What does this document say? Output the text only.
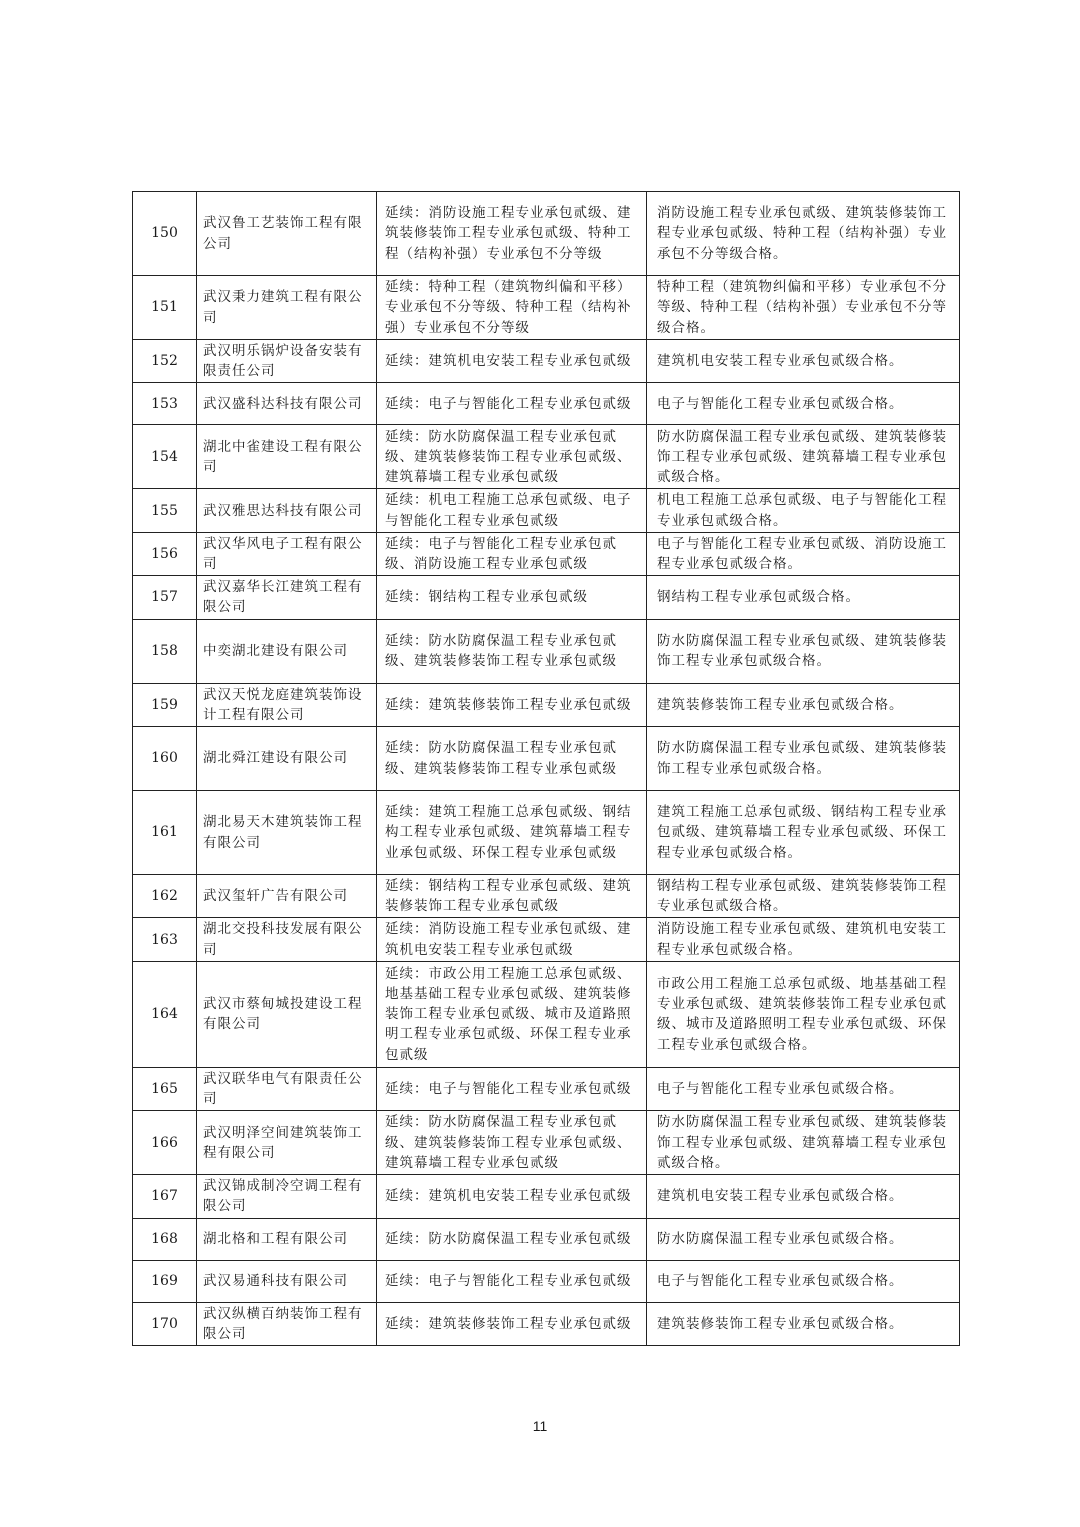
150	武汉鲁工艺装饰工程有限公司	延续：消防设施工程专业承包贰级、建筑装修装饰工程专业承包贰级、特种工程（结构补强）专业承包不分等级	消防设施工程专业承包贰级、建筑装修装饰工程专业承包贰级、特种工程（结构补强）专业承包不分等级合格。
151	武汉秉力建筑工程有限公司	延续：特种工程（建筑物纠偏和平移）专业承包不分等级、特种工程（结构补强）专业承包不分等级	特种工程（建筑物纠偏和平移）专业承包不分等级、特种工程（结构补强）专业承包不分等级合格。
152	武汉明乐锅炉设备安装有限责任公司	延续：建筑机电安装工程专业承包贰级	建筑机电安装工程专业承包贰级合格。
153	武汉盛科达科技有限公司	延续：电子与智能化工程专业承包贰级	电子与智能化工程专业承包贰级合格。
154	湖北中雀建设工程有限公司	延续：防水防腐保温工程专业承包贰级、建筑装修装饰工程专业承包贰级、建筑幕墙工程专业承包贰级	防水防腐保温工程专业承包贰级、建筑装修装饰工程专业承包贰级、建筑幕墙工程专业承包贰级合格。
155	武汉雅思达科技有限公司	延续：机电工程施工总承包贰级、电子与智能化工程专业承包贰级	机电工程施工总承包贰级、电子与智能化工程专业承包贰级合格。
156	武汉华风电子工程有限公司	延续：电子与智能化工程专业承包贰级、消防设施工程专业承包贰级	电子与智能化工程专业承包贰级、消防设施工程专业承包贰级合格。
157	武汉嘉华长江建筑工程有限公司	延续：钢结构工程专业承包贰级	钢结构工程专业承包贰级合格。
158	中奕湖北建设有限公司	延续：防水防腐保温工程专业承包贰级、建筑装修装饰工程专业承包贰级	防水防腐保温工程专业承包贰级、建筑装修装饰工程专业承包贰级合格。
159	武汉天悦龙庭建筑装饰设计工程有限公司	延续：建筑装修装饰工程专业承包贰级	建筑装修装饰工程专业承包贰级合格。
160	湖北舜江建设有限公司	延续：防水防腐保温工程专业承包贰级、建筑装修装饰工程专业承包贰级	防水防腐保温工程专业承包贰级、建筑装修装饰工程专业承包贰级合格。
161	湖北易天木建筑装饰工程有限公司	延续：建筑工程施工总承包贰级、钢结构工程专业承包贰级、建筑幕墙工程专业承包贰级、环保工程专业承包贰级	建筑工程施工总承包贰级、钢结构工程专业承包贰级、建筑幕墙工程专业承包贰级、环保工程专业承包贰级合格。
162	武汉玺轩广告有限公司	延续：钢结构工程专业承包贰级、建筑装修装饰工程专业承包贰级	钢结构工程专业承包贰级、建筑装修装饰工程专业承包贰级合格。
163	湖北交投科技发展有限公司	延续：消防设施工程专业承包贰级、建筑机电安装工程专业承包贰级	消防设施工程专业承包贰级、建筑机电安装工程专业承包贰级合格。
164	武汉市蔡甸城投建设工程有限公司	延续：市政公用工程施工总承包贰级、地基基础工程专业承包贰级、建筑装修装饰工程专业承包贰级、城市及道路照明工程专业承包贰级、环保工程专业承包贰级	市政公用工程施工总承包贰级、地基基础工程专业承包贰级、建筑装修装饰工程专业承包贰级、城市及道路照明工程专业承包贰级、环保工程专业承包贰级合格。
165	武汉联华电气有限责任公司	延续：电子与智能化工程专业承包贰级	电子与智能化工程专业承包贰级合格。
166	武汉明泽空间建筑装饰工程有限公司	延续：防水防腐保温工程专业承包贰级、建筑装修装饰工程专业承包贰级、建筑幕墙工程专业承包贰级	防水防腐保温工程专业承包贰级、建筑装修装饰工程专业承包贰级、建筑幕墙工程专业承包贰级合格。
167	武汉锦成制冷空调工程有限公司	延续：建筑机电安装工程专业承包贰级	建筑机电安装工程专业承包贰级合格。
168	湖北格和工程有限公司	延续：防水防腐保温工程专业承包贰级	防水防腐保温工程专业承包贰级合格。
169	武汉易通科技有限公司	延续：电子与智能化工程专业承包贰级	电子与智能化工程专业承包贰级合格。
170	武汉纵横百纳装饰工程有限公司	延续：建筑装修装饰工程专业承包贰级	建筑装修装饰工程专业承包贰级合格。
11
